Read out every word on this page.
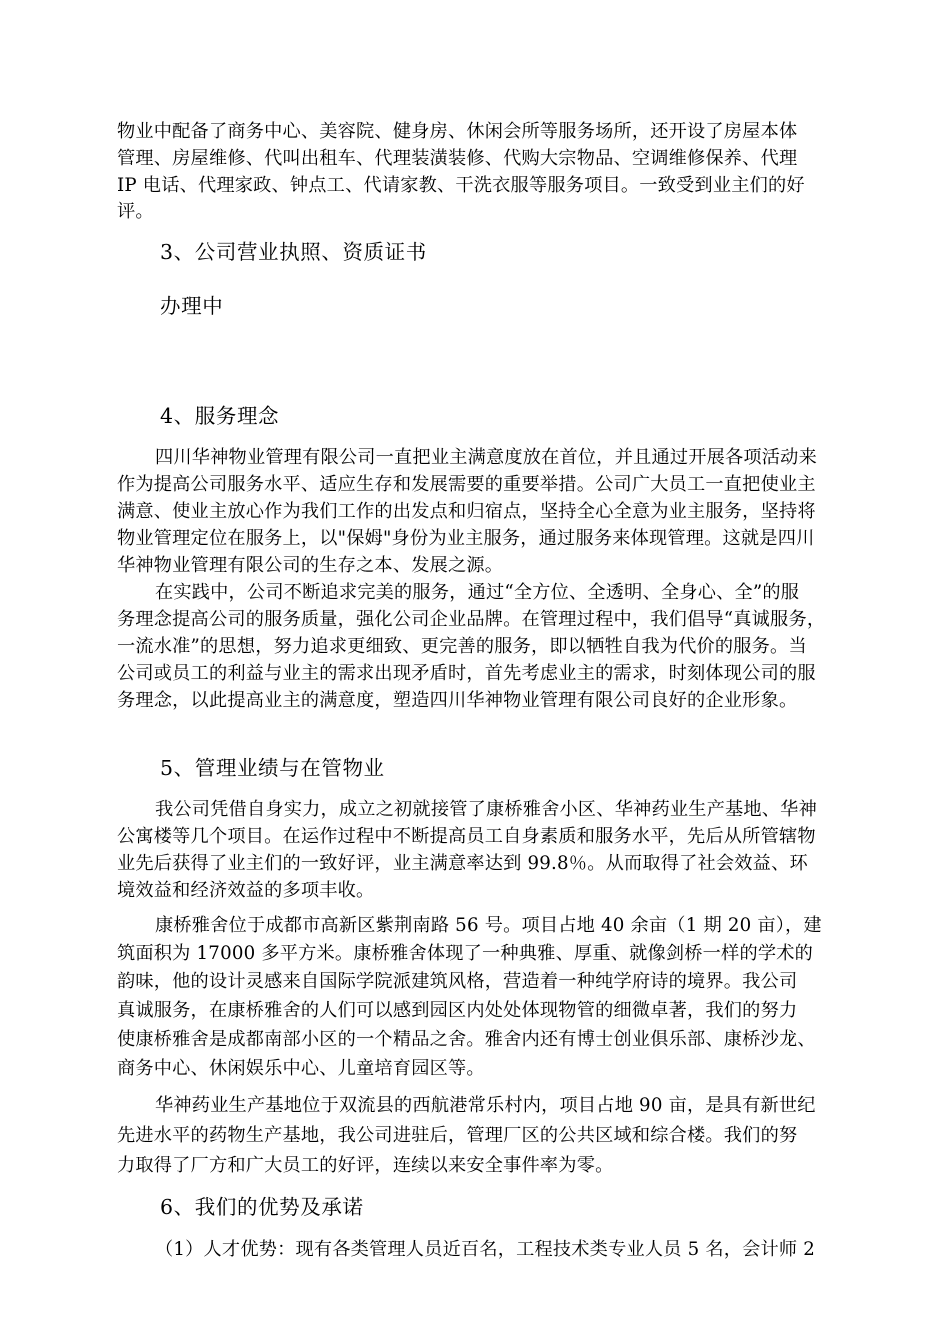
物业中配备了商务中心、美容院、健身房、休闲会所等服务场所，还开设了房屋本体
管理、房屋维修、代叫出租车、代理装潢装修、代购大宗物品、空调维修保养、代理
IP 电话、代理家政、钟点工、代请家教、干洗衣服等服务项目。一致受到业主们的好
评。
3、公司营业执照、资质证书
办理中
4、服务理念
四川华神物业管理有限公司一直把业主满意度放在首位，并且通过开展各项活动来
作为提高公司服务水平、适应生存和发展需要的重要举措。公司广大员工一直把使业主
满意、使业主放心作为我们工作的出发点和归宿点，坚持全心全意为业主服务，坚持将
物业管理定位在服务上，以"保姆"身份为业主服务，通过服务来体现管理。这就是四川
华神物业管理有限公司的生存之本、发展之源。
在实践中，公司不断追求完美的服务，通过“全方位、全透明、全身心、全”的服
务理念提高公司的服务质量，强化公司企业品牌。在管理过程中，我们倡导“真诚服务，
一流水准”的思想，努力追求更细致、更完善的服务，即以牺牲自我为代价的服务。当
公司或员工的利益与业主的需求出现矛盾时，首先考虑业主的需求，时刻体现公司的服
务理念，以此提高业主的满意度，塑造四川华神物业管理有限公司良好的企业形象。
5、管理业绩与在管物业
我公司凭借自身实力，成立之初就接管了康桥雅舍小区、华神药业生产基地、华神
公寓楼等几个项目。在运作过程中不断提高员工自身素质和服务水平，先后从所管辖物
业先后获得了业主们的一致好评，业主满意率达到 99.8％。从而取得了社会效益、环
境效益和经济效益的多项丰收。
康桥雅舍位于成都市高新区紫荆南路 56 号。项目占地 40 余亩（1 期 20 亩），建
筑面积为 17000 多平方米。康桥雅舍体现了一种典雅、厚重、就像剑桥一样的学术的
韵味，他的设计灵感来自国际学院派建筑风格，营造着一种纯学府诗的境界。我公司
真诚服务，在康桥雅舍的人们可以感到园区内处处体现物管的细微卓著，我们的努力
使康桥雅舍是成都南部小区的一个精品之舍。雅舍内还有博士创业俱乐部、康桥沙龙、
商务中心、休闲娱乐中心、儿童培育园区等。
华神药业生产基地位于双流县的西航港常乐村内，项目占地 90 亩，是具有新世纪
先进水平的药物生产基地，我公司进驻后，管理厂区的公共区域和综合楼。我们的努
力取得了厂方和广大员工的好评，连续以来安全事件率为零。
6、我们的优势及承诺
（1）人才优势：现有各类管理人员近百名，工程技术类专业人员 5 名，会计师 2
